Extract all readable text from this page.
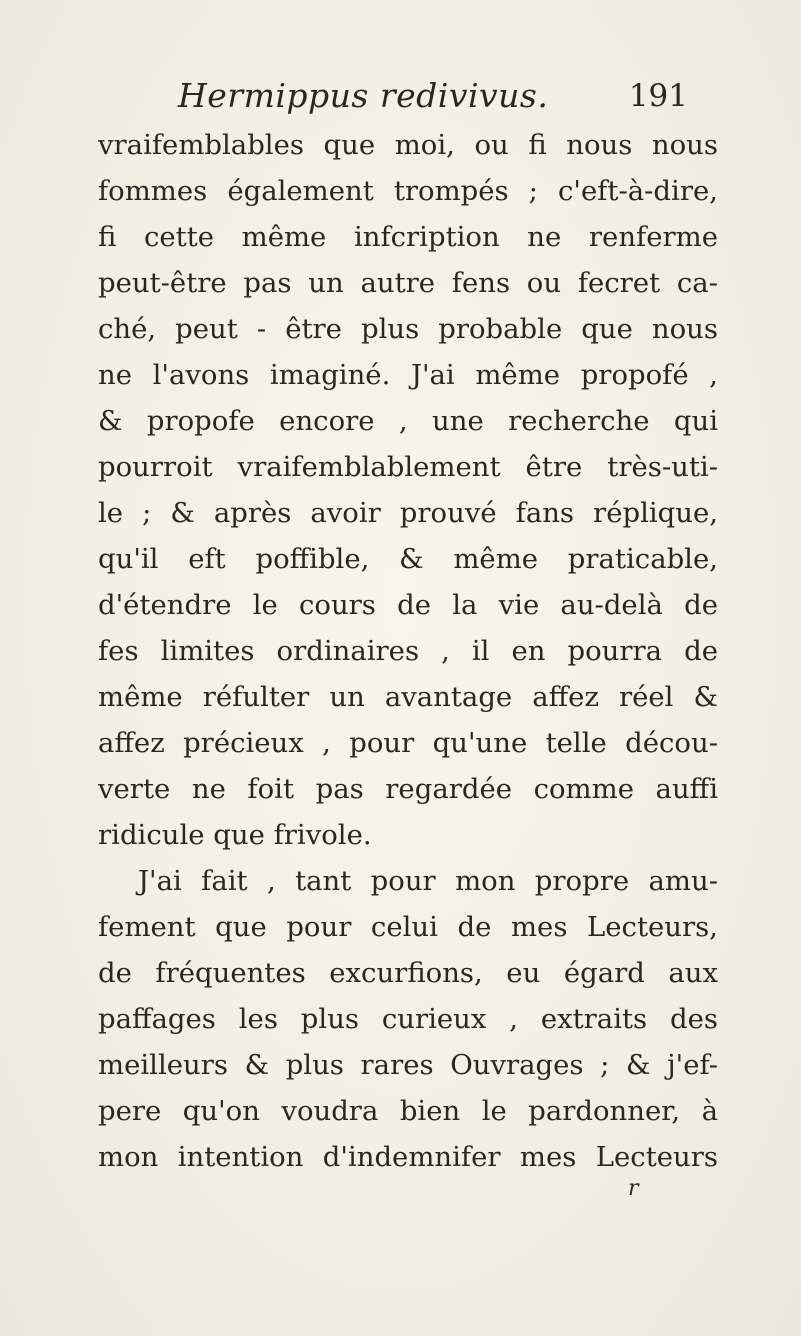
Hermippus redivivus.	191
vraifemblables que moi, ou fi nous nous
fommes également trompés ; c'eft-à-dire,
fi cette même infcription ne renferme
peut-être pas un autre fens ou fecret ca-
ché, peut - être plus probable que nous
ne l'avons imaginé. J'ai même propofé ,
& propofe encore , une recherche qui
pourroit vraifemblablement être très-uti-
le ; & après avoir prouvé fans réplique,
qu'il eft poffible, & même praticable,
d'étendre le cours de la vie au-delà de
fes limites ordinaires , il en pourra de
même réfulter un avantage affez réel &
affez précieux , pour qu'une telle décou-
verte ne foit pas regardée comme auffi
ridicule que frivole.
J'ai fait , tant pour mon propre amu-
fement que pour celui de mes Lecteurs,
de fréquentes excurfions, eu égard aux
paffages les plus curieux , extraits des
meilleurs & plus rares Ouvrages ; & j'ef-
pere qu'on voudra bien le pardonner, à
mon intention d'indemnifer mes Lecteurs
r
